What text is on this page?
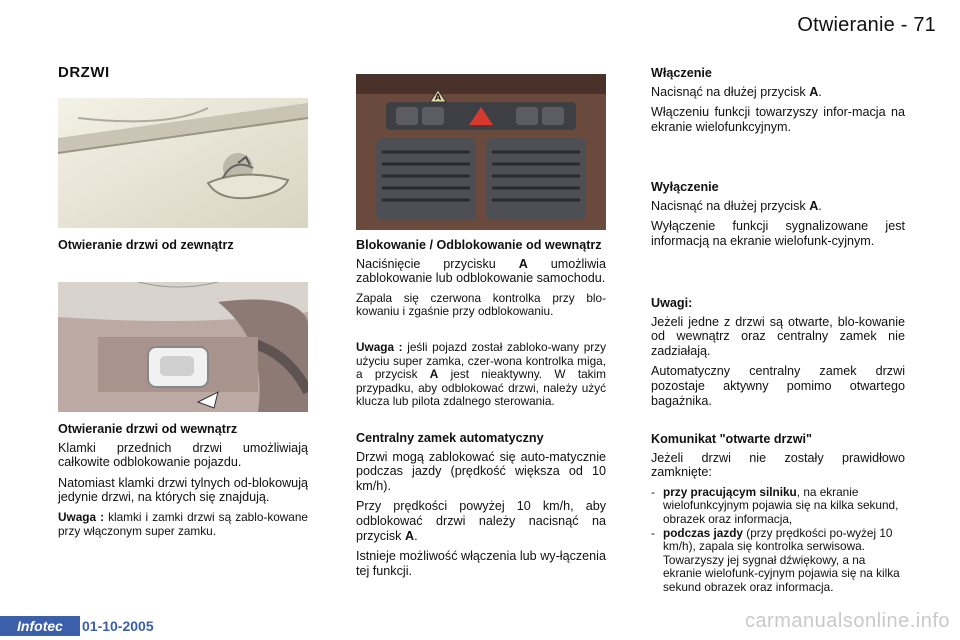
Otwieranie - 71
DRZWI

Otwieranie drzwi od zewnątrz

Otwieranie drzwi od wewnątrz

Klamki przednich drzwi umożliwiają całkowite odblokowanie pojazdu.

Natomiast klamki drzwi tylnych od-blokowują jedynie drzwi, na których się znajdują.

Uwaga : klamki i zamki drzwi są zablo-kowane przy włączonym super zamku.

A

Blokowanie / Odblokowanie od wewnątrz

Naciśnięcie przycisku A umożliwia zablokowanie lub odblokowanie samochodu.

Zapala się czerwona kontrolka przy blo-kowaniu i zgaśnie przy odblokowaniu.

Uwaga : jeśli pojazd został zabloko-wany przy użyciu super zamka, czer-wona kontrolka miga, a przycisk A jest nieaktywny. W takim przypadku, aby odblokować drzwi, należy użyć klucza lub pilota zdalnego sterowania.

Centralny zamek automatyczny

Drzwi mogą zablokować się auto-matycznie podczas jazdy (prędkość większa od 10 km/h).

Przy prędkości powyżej 10 km/h, aby odblokować drzwi należy nacisnąć na przycisk A.

Istnieje możliwość włączenia lub wy-łączenia tej funkcji.

Włączenie

Nacisnąć na dłużej przycisk A.

Włączeniu funkcji towarzyszy infor-macja na ekranie wielofunkcyjnym.

Wyłączenie

Nacisnąć na dłużej przycisk A.

Wyłączenie funkcji sygnalizowane jest informacją na ekranie wielofunk-cyjnym.

Uwagi:

Jeżeli jedne z drzwi są otwarte, blo-kowanie od wewnątrz oraz centralny zamek nie zadziałają.

Automatyczny centralny zamek drzwi pozostaje aktywny pomimo otwartego bagażnika.

Komunikat "otwarte drzwi"

Jeżeli drzwi nie zostały prawidłowo zamknięte:

- przy pracującym silniku, na ekranie wielofunkcyjnym pojawia się na kilka sekund, obrazek oraz informacja,
- podczas jazdy (przy prędkości po-wyżej 10 km/h), zapala się kontrolka serwisowa. Towarzyszy jej sygnał dźwiękowy, a na ekranie wielofunk-cyjnym pojawia się na kilka sekund obrazek oraz informacja.
Infotec	01-10-2005	carmanualsonline.info
